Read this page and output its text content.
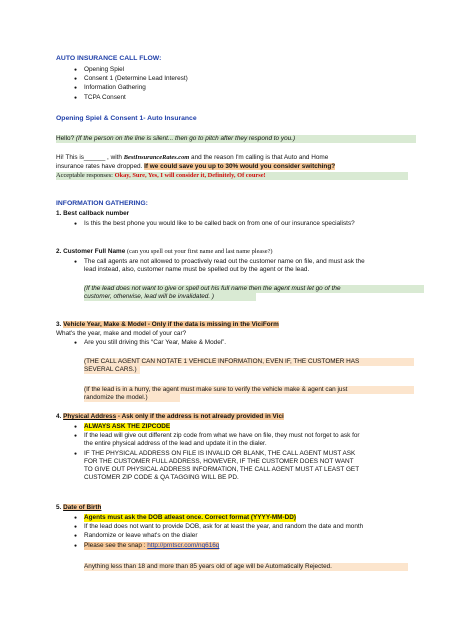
AUTO INSURANCE CALL FLOW:
● Opening Spiel
● Consent 1 (Determine Lead Interest)
● Information Gathering
● TCPA Consent
Opening Spiel & Consent 1- Auto Insurance
Hello? (If the person on the line is silent... then go to pitch after they respond to you.)
Hi! This is______ , with BestInsuranceRates.com and the reason I'm calling is that Auto and Home
insurance rates have dropped. If we could save you up to 30% would you consider switching?
Acceptable responses: Okay, Sure, Yes, I will consider it, Definitely, Of course!
INFORMATION GATHERING:
1. Best callback number
● Is this the best phone you would like to be called back on from one of our insurance specialists?
2. Customer Full Name (can you spell out your first name and last name please?)
● The call agents are not allowed to proactively read out the customer name on file, and must ask the
lead instead, also, customer name must be spelled out by the agent or the lead.
(If the lead does not want to give or spell out his full name then the agent must let go of the
customer, otherwise, lead will be invalidated. )
3. Vehicle Year, Make & Model - Only if the data is missing in the ViciForm
What's the year, make and model of your car?
● Are you still driving this “Car Year, Make & Model”.
(THE CALL AGENT CAN NOTATE 1 VEHICLE INFORMATION, EVEN IF, THE CUSTOMER HAS
SEVERAL CARS.)
(If the lead is in a hurry, the agent must make sure to verify the vehicle make & agent can just
randomize the model.)
4. Physical Address - Ask only if the address is not already provided in Vici
● ALWAYS ASK THE ZIPCODE
● If the lead will give out different zip code from what we have on file, they must not forget to ask for
the entire physical address of the lead and update it in the dialer.
● IF THE PHYSICAL ADDRESS ON FILE IS INVALID OR BLANK, THE CALL AGENT MUST ASK
FOR THE CUSTOMER FULL ADDRESS, HOWEVER, IF THE CUSTOMER DOES NOT WANT
TO GIVE OUT PHYSICAL ADDRESS INFORMATION, THE CALL AGENT MUST AT LEAST GET
CUSTOMER ZIP CODE & QA TAGGING WILL BE PD.
5. Date of Birth
● Agents must ask the DOB atleast once. Correct format (YYYY-MM-DD)
● If the lead does not want to provide DOB, ask for at least the year, and random the date and month
● Randomize or leave what's on the dialer
● Please see the snap : http://prntscr.com/nq616q
Anything less than 18 and more than 85 years old of age will be Automatically Rejected.
